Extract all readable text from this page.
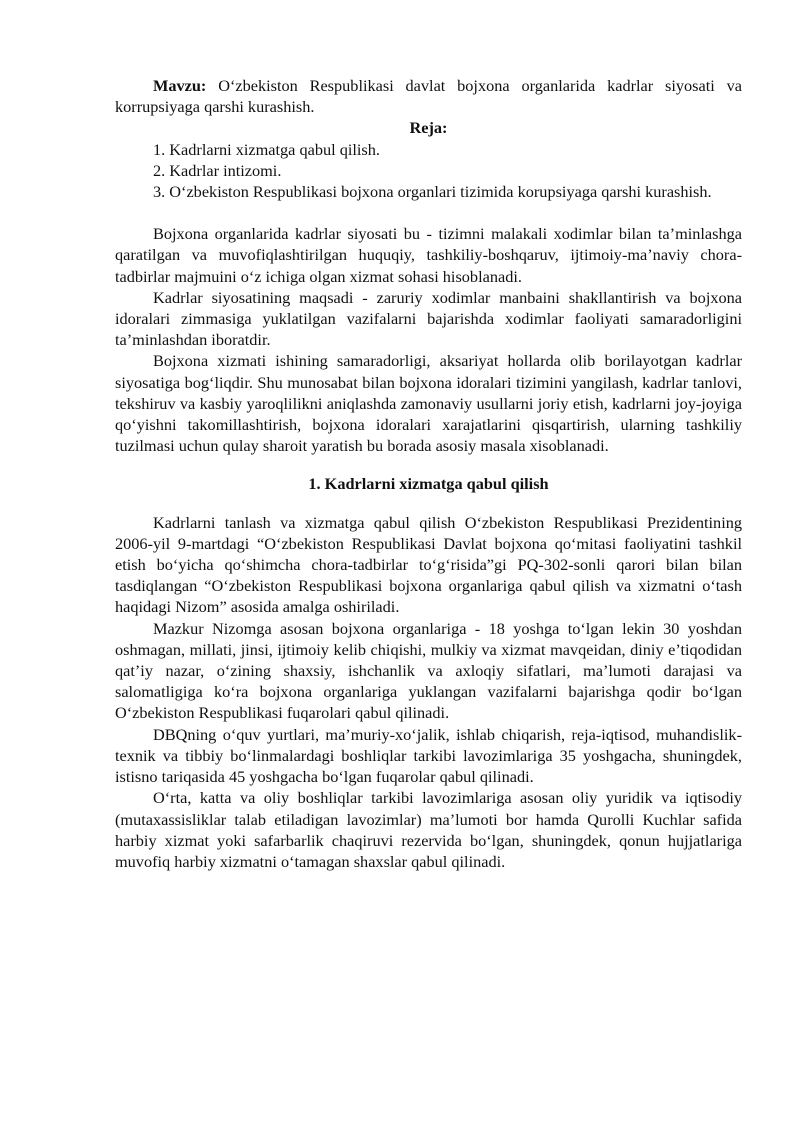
Mavzu: O‘zbekiston Respublikasi davlat bojxona organlarida kadrlar siyosati va korrupsiyaga qarshi kurashish.

Reja:

1. Kadrlarni xizmatga qabul qilish.

2. Kadrlar intizomi.

3. O‘zbekiston Respublikasi bojxona organlari tizimida korupsiyaga qarshi kurashish.

Bojxona organlarida kadrlar siyosati bu - tizimni malakali xodimlar bilan ta’minlashga qaratilgan va muvofiqlashtirilgan huquqiy, tashkiliy-boshqaruv, ijtimoiy-ma’naviy chora-tadbirlar majmuini o‘z ichiga olgan xizmat sohasi hisoblanadi.

Kadrlar siyosatining maqsadi - zaruriy xodimlar manbaini shakllantirish va bojxona idoralari zimmasiga yuklatilgan vazifalarni bajarishda xodimlar faoliyati samaradorligini ta’minlashdan iboratdir.

Bojxona xizmati ishining samaradorligi, aksariyat hollarda olib borilayotgan kadrlar siyosatiga bog‘liqdir. Shu munosabat bilan bojxona idoralari tizimini yangilash, kadrlar tanlovi, tekshiruv va kasbiy yaroqlilikni aniqlashda zamonaviy usullarni joriy etish, kadrlarni joy-joyiga qo‘yishni takomillashtirish, bojxona idoralari xarajatlarini qisqartirish, ularning tashkiliy tuzilmasi uchun qulay sharoit yaratish bu borada asosiy masala xisoblanadi.

1. Kadrlarni xizmatga qabul qilish

Kadrlarni tanlash va xizmatga qabul qilish O‘zbekiston Respublikasi Prezidentining 2006-yil 9-martdagi “O‘zbekiston Respublikasi Davlat bojxona qo‘mitasi faoliyatini tashkil etish bo‘yicha qo‘shimcha chora-tadbirlar to‘g‘risida”gi PQ-302-sonli qarori bilan bilan tasdiqlangan “O‘zbekiston Respublikasi bojxona organlariga qabul qilish va xizmatni o‘tash haqidagi Nizom” asosida amalga oshiriladi.

Mazkur Nizomga asosan bojxona organlariga - 18 yoshga to‘lgan lekin 30 yoshdan oshmagan, millati, jinsi, ijtimoiy kelib chiqishi, mulkiy va xizmat mavqeidan, diniy e’tiqodidan qat’iy nazar, o‘zining shaxsiy, ishchanlik va axloqiy sifatlari, ma’lumoti darajasi va salomatligiga ko‘ra bojxona organlariga yuklangan vazifalarni bajarishga qodir bo‘lgan O‘zbekiston Respublikasi fuqarolari qabul qilinadi.

DBQning o‘quv yurtlari, ma’muriy-xo‘jalik, ishlab chiqarish, reja-iqtisod, muhandislik-texnik va tibbiy bo‘linmalardagi boshliqlar tarkibi lavozimlariga 35 yoshgacha, shuningdek, istisno tariqasida 45 yoshgacha bo‘lgan fuqarolar qabul qilinadi.

O‘rta, katta va oliy boshliqlar tarkibi lavozimlariga asosan oliy yuridik va iqtisodiy (mutaxassisliklar talab etiladigan lavozimlar) ma’lumoti bor hamda Qurolli Kuchlar safida harbiy xizmat yoki safarbarlik chaqiruvi rezervida bo‘lgan, shuningdek, qonun hujjatlariga muvofiq harbiy xizmatni o‘tamagan shaxslar qabul qilinadi.
